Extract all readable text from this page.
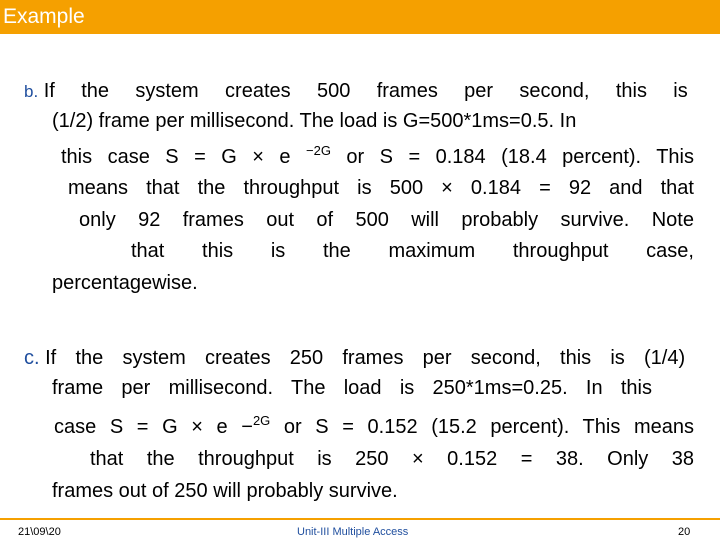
Example
b. If the system creates 500 frames per second, this is
(1/2) frame per millisecond. The load is G=500*1ms=0.5. In
this case S = G × e $^{-2G}$ or S = 0.184 (18.4 percent). This
means that the throughput is 500 × 0.184 = 92 and that
only 92 frames out of 500 will probably survive. Note
that this is the maximum throughput case,
percentagewise.
c. If the system creates 250 frames per second, this is (1/4)
frame per millisecond. The load is 250*1ms=0.25. In this
case S = G × e −$^{2G}$ or S = 0.152 (15.2 percent). This means
that the throughput is 250 × 0.152 = 38. Only 38
frames out of 250 will probably survive.
21\09\20	Unit-III Multiple Access	20
